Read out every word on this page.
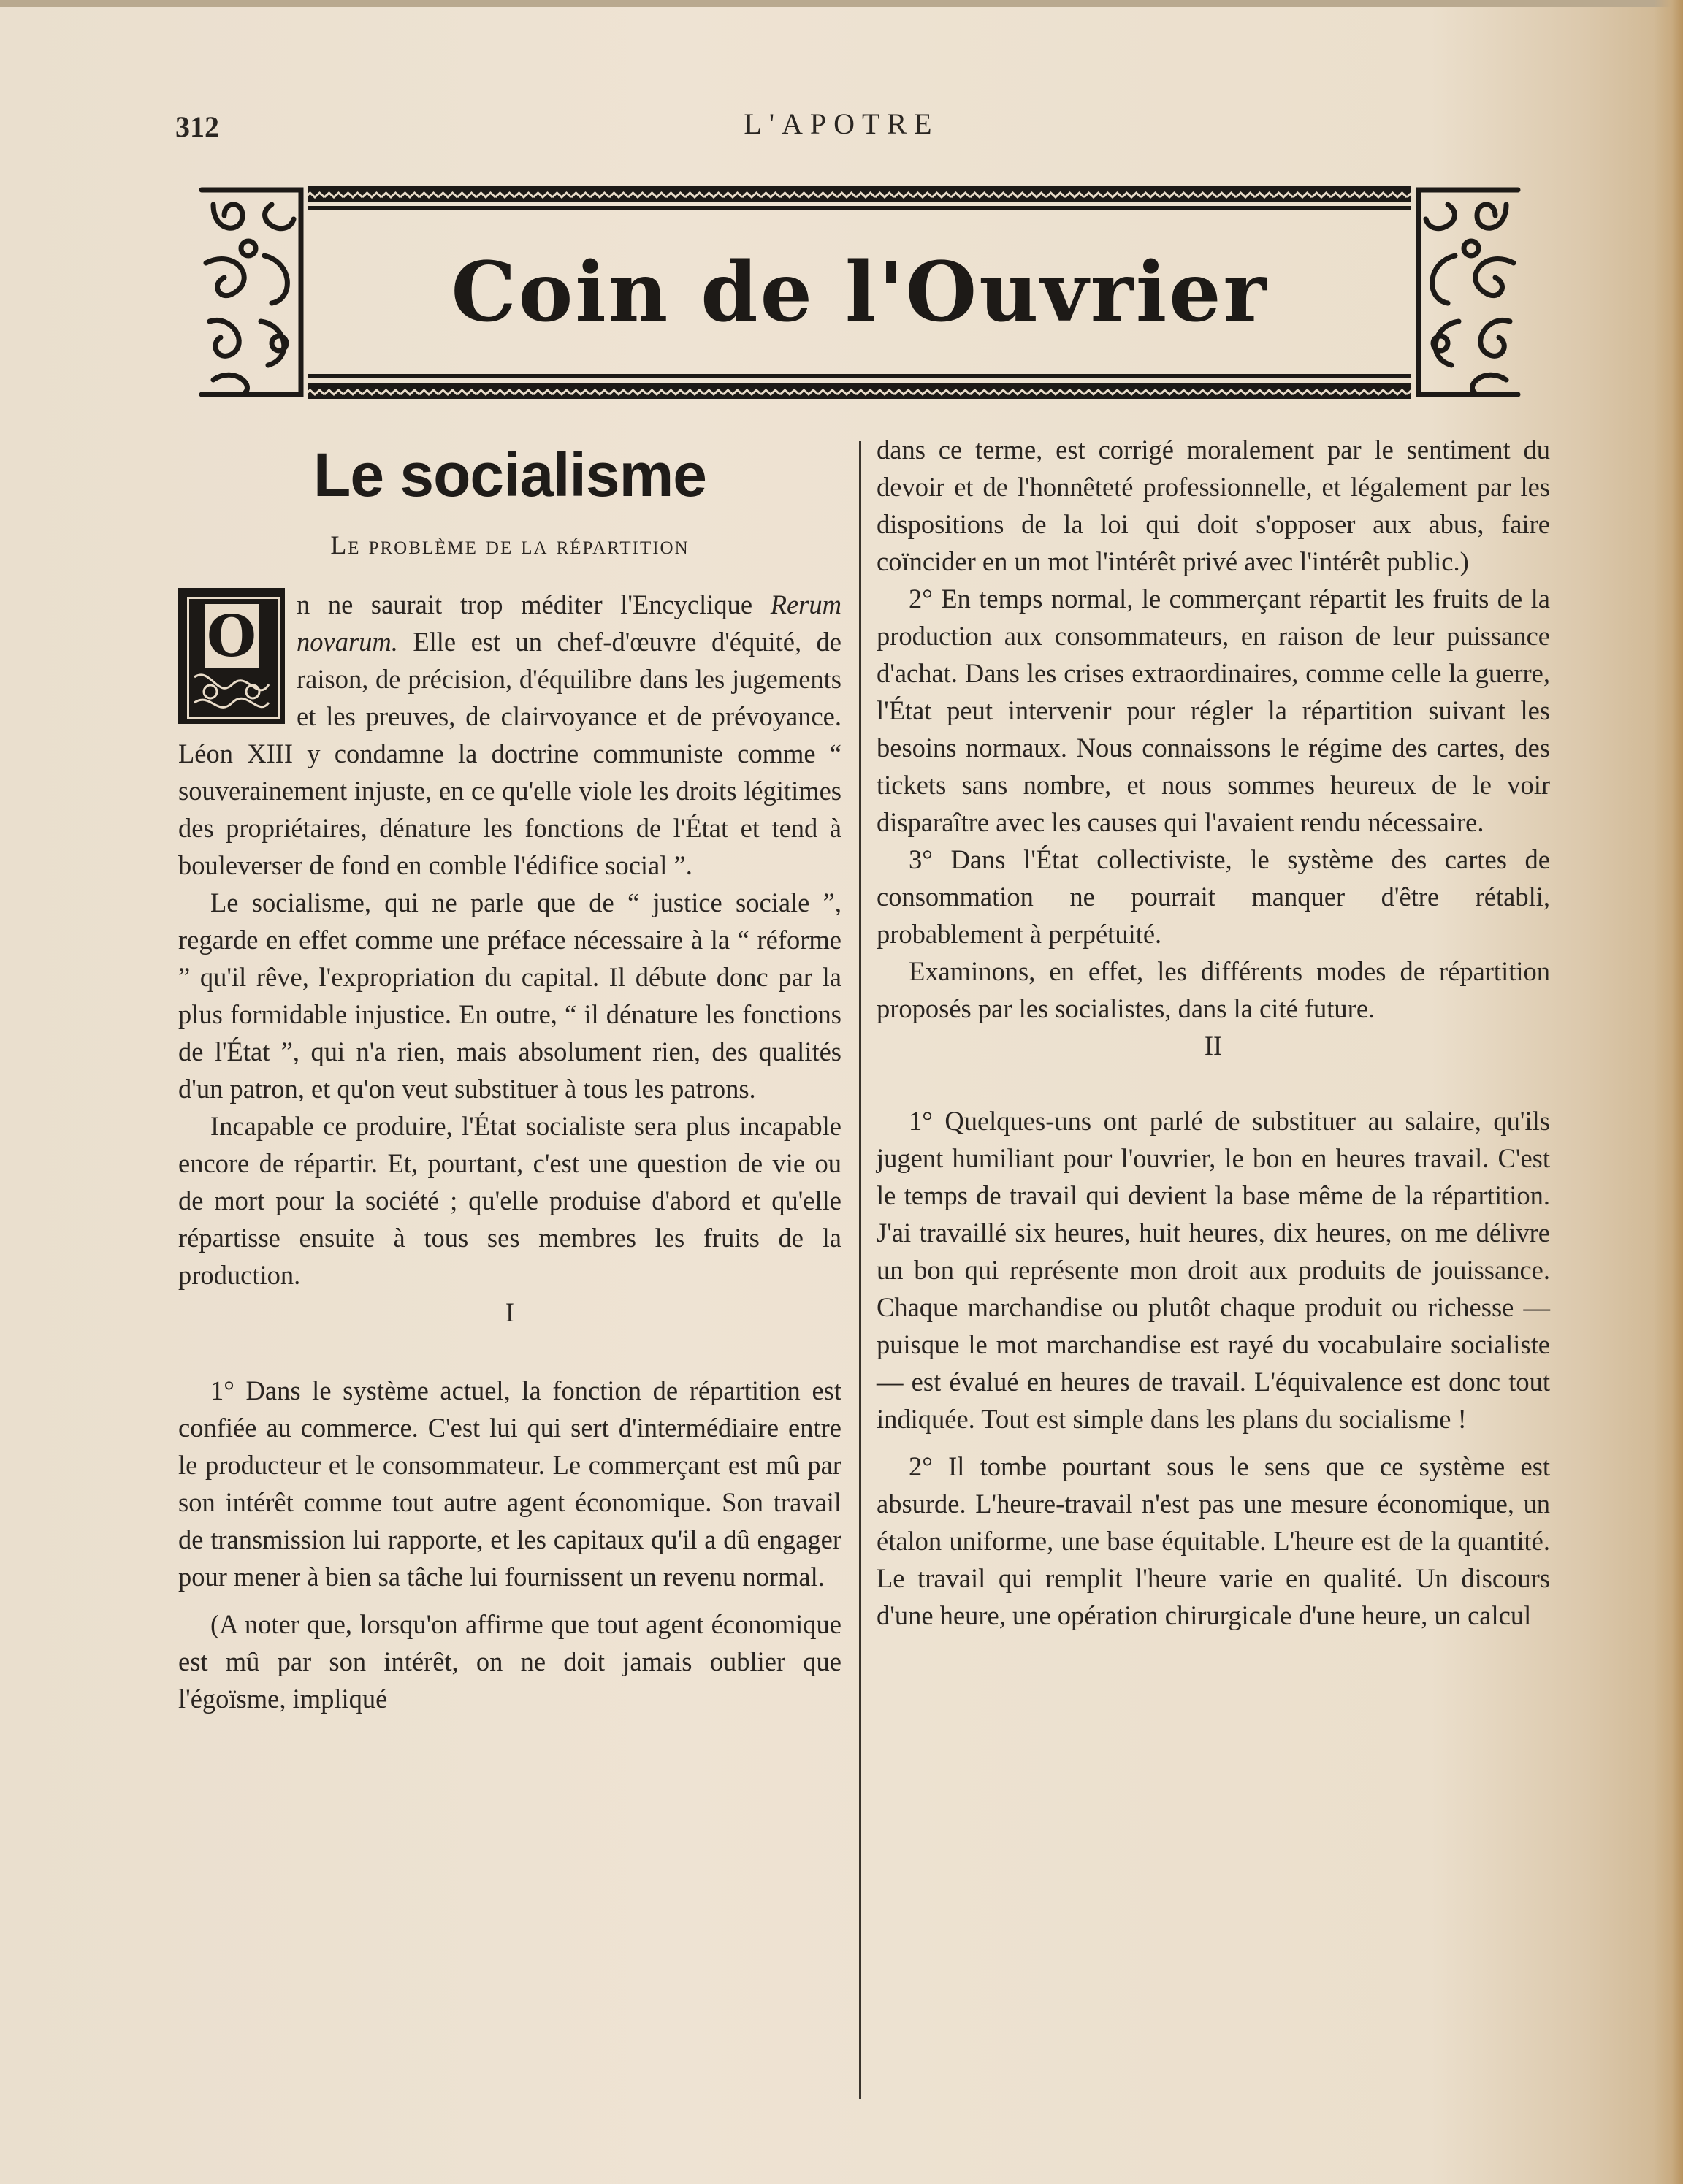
312	L'APOTRE
Coin de l'Ouvrier
Le socialisme
Le problème de la répartition
O	n ne saurait trop méditer l'Encyclique Rerum novarum. Elle est un chef-d'œuvre d'équité, de raison, de précision, d'équilibre dans les jugements et les preuves, de clairvoyance et de prévoyance. Léon XIII y condamne la doctrine communiste comme “ souverainement injuste, en ce qu'elle viole les droits légitimes des propriétaires, dénature les fonctions de l'État et tend à bouleverser de fond en comble l'édifice social ”.

Le socialisme, qui ne parle que de “ justice sociale ”, regarde en effet comme une préface nécessaire à la “ réforme ” qu'il rêve, l'expropriation du capital. Il débute donc par la plus formidable injustice. En outre, “ il dénature les fonctions de l'État ”, qui n'a rien, mais absolument rien, des qualités d'un patron, et qu'on veut substituer à tous les patrons.

Incapable ce produire, l'État socialiste sera plus incapable encore de répartir. Et, pourtant, c'est une question de vie ou de mort pour la société ; qu'elle produise d'abord et qu'elle répartisse ensuite à tous ses membres les fruits de la production.

I

1° Dans le système actuel, la fonction de répartition est confiée au commerce. C'est lui qui sert d'intermédiaire entre le producteur et le consommateur. Le commerçant est mû par son intérêt comme tout autre agent économique. Son travail de transmission lui rapporte, et les capitaux qu'il a dû engager pour mener à bien sa tâche lui fournissent un revenu normal.

(A noter que, lorsqu'on affirme que tout agent économique est mû par son intérêt, on ne doit jamais oublier que l'égoïsme, impliqué

dans ce terme, est corrigé moralement par le sentiment du devoir et de l'honnêteté professionnelle, et légalement par les dispositions de la loi qui doit s'opposer aux abus, faire coïncider en un mot l'intérêt privé avec l'intérêt public.)

2° En temps normal, le commerçant répartit les fruits de la production aux consommateurs, en raison de leur puissance d'achat. Dans les crises extraordinaires, comme celle la guerre, l'État peut intervenir pour régler la répartition suivant les besoins normaux. Nous connaissons le régime des cartes, des tickets sans nombre, et nous sommes heureux de le voir disparaître avec les causes qui l'avaient rendu nécessaire.

3° Dans l'État collectiviste, le système des cartes de consommation ne pourrait manquer d'être rétabli, probablement à perpétuité.

Examinons, en effet, les différents modes de répartition proposés par les socialistes, dans la cité future.

II

1° Quelques-uns ont parlé de substituer au salaire, qu'ils jugent humiliant pour l'ouvrier, le bon en heures travail. C'est le temps de travail qui devient la base même de la répartition. J'ai travaillé six heures, huit heures, dix heures, on me délivre un bon qui représente mon droit aux produits de jouissance. Chaque marchandise ou plutôt chaque produit ou richesse — puisque le mot marchandise est rayé du vocabulaire socialiste — est évalué en heures de travail. L'équivalence est donc tout indiquée. Tout est simple dans les plans du socialisme !

2° Il tombe pourtant sous le sens que ce système est absurde. L'heure-travail n'est pas une mesure économique, un étalon uniforme, une base équitable. L'heure est de la quantité. Le travail qui remplit l'heure varie en qualité. Un discours d'une heure, une opération chirurgicale d'une heure, un calcul
